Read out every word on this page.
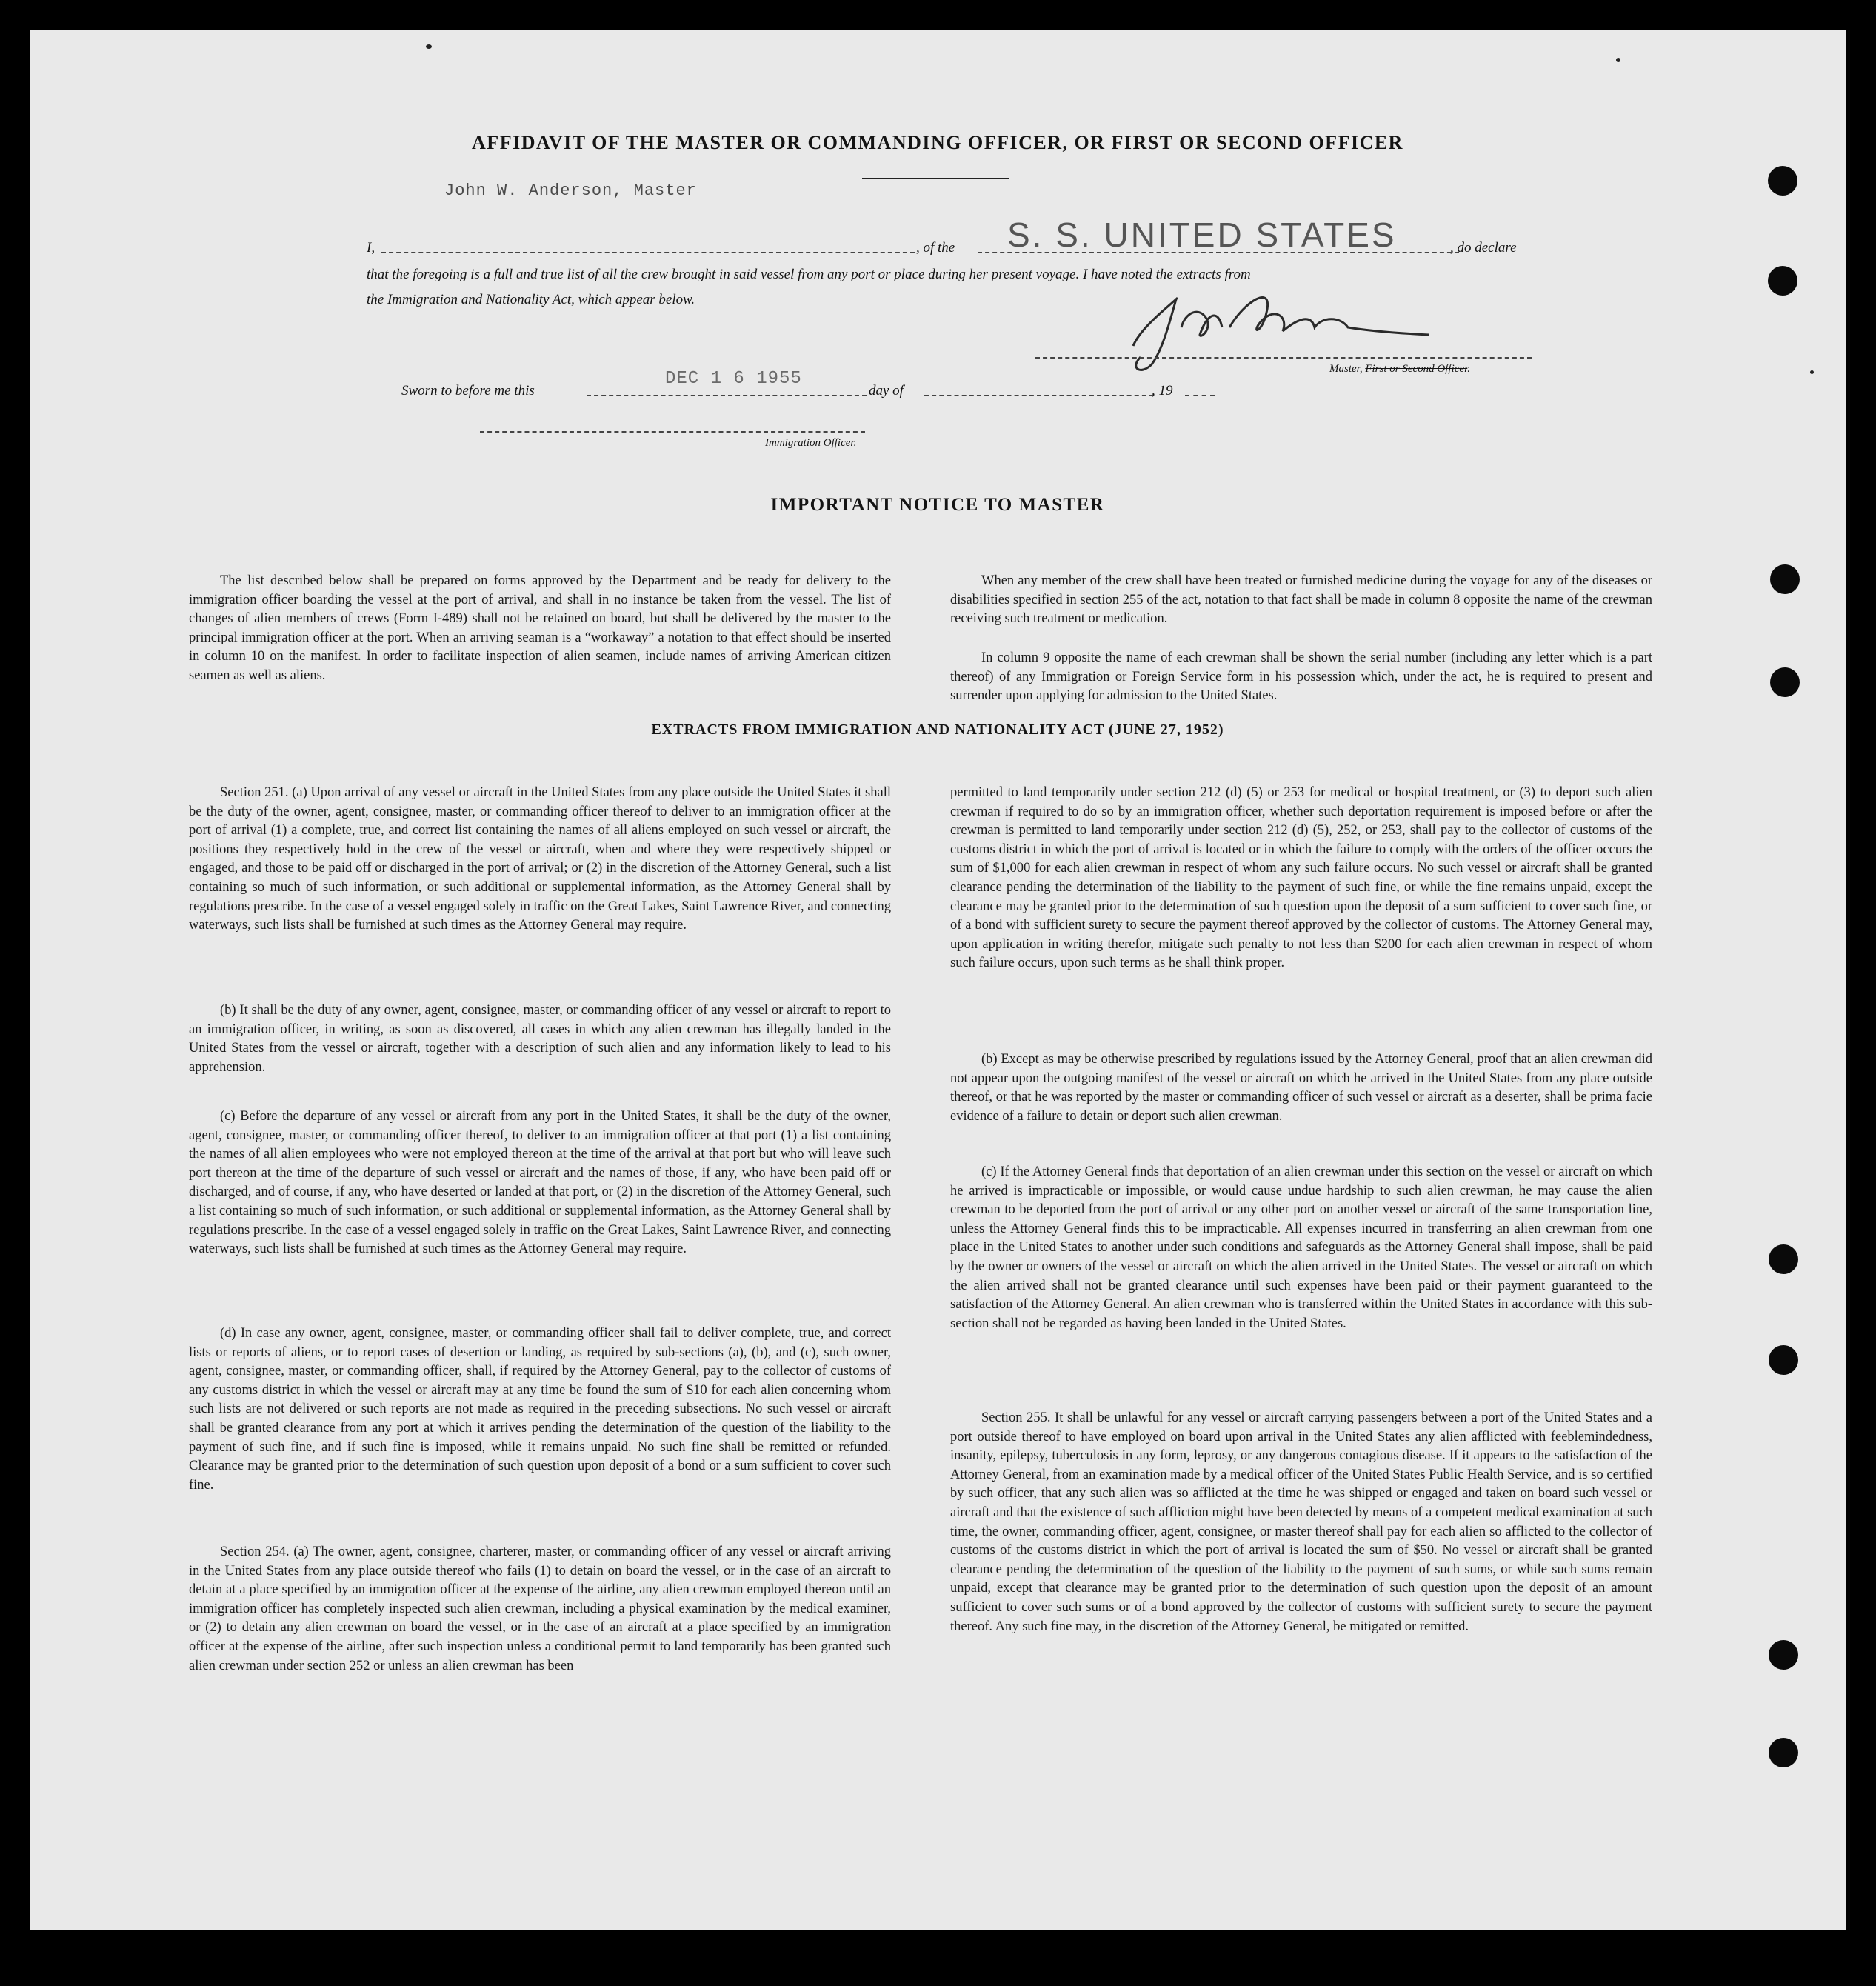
AFFIDAVIT OF THE MASTER OR COMMANDING OFFICER, OR FIRST OR SECOND OFFICER
John W. Anderson, Master
I,	, of the S. S. UNITED STATES	, do declare
that the foregoing is a full and true list of all the crew brought in said vessel from any port or place during her present voyage. I have noted the extracts from
the Immigration and Nationality Act, which appear below.
Master, First or Second Officer.
Sworn to before me this
DEC 1 6 1955
day of	, 19
Immigration Officer.
IMPORTANT NOTICE TO MASTER

The list described below shall be prepared on forms approved by the Department and be ready for delivery to the immigration officer boarding the vessel at the port of arrival, and shall in no instance be taken from the vessel. The list of changes of alien members of crews (Form I-489) shall not be retained on board, but shall be delivered by the master to the principal immigration officer at the port. When an arriving seaman is a “workaway” a notation to that effect should be inserted in column 10 on the manifest. In order to facilitate inspection of alien seamen, include names of arriving American citizen seamen as well as aliens.

When any member of the crew shall have been treated or furnished medicine during the voyage for any of the diseases or disabilities specified in section 255 of the act, notation to that fact shall be made in column 8 opposite the name of the crewman receiving such treatment or medication.

In column 9 opposite the name of each crewman shall be shown the serial number (including any letter which is a part thereof) of any Immigration or Foreign Service form in his possession which, under the act, he is required to present and surrender upon applying for admission to the United States.

EXTRACTS FROM IMMIGRATION AND NATIONALITY ACT (JUNE 27, 1952)

Section 251. (a) Upon arrival of any vessel or aircraft in the United States from any place outside the United States it shall be the duty of the owner, agent, consignee, master, or commanding officer thereof to deliver to an immigration officer at the port of arrival (1) a complete, true, and correct list containing the names of all aliens employed on such vessel or aircraft, the positions they respectively hold in the crew of the vessel or aircraft, when and where they were respectively shipped or engaged, and those to be paid off or discharged in the port of arrival; or (2) in the discretion of the Attorney General, such a list containing so much of such information, or such additional or supplemental information, as the Attorney General shall by regulations prescribe. In the case of a vessel engaged solely in traffic on the Great Lakes, Saint Lawrence River, and connecting waterways, such lists shall be furnished at such times as the Attorney General may require.

(b) It shall be the duty of any owner, agent, consignee, master, or commanding officer of any vessel or aircraft to report to an immigration officer, in writing, as soon as discovered, all cases in which any alien crewman has illegally landed in the United States from the vessel or aircraft, together with a description of such alien and any information likely to lead to his apprehension.

(c) Before the departure of any vessel or aircraft from any port in the United States, it shall be the duty of the owner, agent, consignee, master, or commanding officer thereof, to deliver to an immigration officer at that port (1) a list containing the names of all alien employees who were not employed thereon at the time of the arrival at that port but who will leave such port thereon at the time of the departure of such vessel or aircraft and the names of those, if any, who have been paid off or discharged, and of course, if any, who have deserted or landed at that port, or (2) in the discretion of the Attorney General, such a list containing so much of such information, or such additional or supplemental information, as the Attorney General shall by regulations prescribe. In the case of a vessel engaged solely in traffic on the Great Lakes, Saint Lawrence River, and connecting waterways, such lists shall be furnished at such times as the Attorney General may require.

(d) In case any owner, agent, consignee, master, or commanding officer shall fail to deliver complete, true, and correct lists or reports of aliens, or to report cases of desertion or landing, as required by sub-sections (a), (b), and (c), such owner, agent, consignee, master, or commanding officer, shall, if required by the Attorney General, pay to the collector of customs of any customs district in which the vessel or aircraft may at any time be found the sum of $10 for each alien concerning whom such lists are not delivered or such reports are not made as required in the preceding subsections. No such vessel or aircraft shall be granted clearance from any port at which it arrives pending the determination of the question of the liability to the payment of such fine, and if such fine is imposed, while it remains unpaid. No such fine shall be remitted or refunded. Clearance may be granted prior to the determination of such question upon deposit of a bond or a sum sufficient to cover such fine.

Section 254. (a) The owner, agent, consignee, charterer, master, or commanding officer of any vessel or aircraft arriving in the United States from any place outside thereof who fails (1) to detain on board the vessel, or in the case of an aircraft to detain at a place specified by an immigration officer at the expense of the airline, any alien crewman employed thereon until an immigration officer has completely inspected such alien crewman, including a physical examination by the medical examiner, or (2) to detain any alien crewman on board the vessel, or in the case of an aircraft at a place specified by an immigration officer at the expense of the airline, after such inspection unless a conditional permit to land temporarily has been granted such alien crewman under section 252 or unless an alien crewman has been

permitted to land temporarily under section 212 (d) (5) or 253 for medical or hospital treatment, or (3) to deport such alien crewman if required to do so by an immigration officer, whether such deportation requirement is imposed before or after the crewman is permitted to land temporarily under section 212 (d) (5), 252, or 253, shall pay to the collector of customs of the customs district in which the port of arrival is located or in which the failure to comply with the orders of the officer occurs the sum of $1,000 for each alien crewman in respect of whom any such failure occurs. No such vessel or aircraft shall be granted clearance pending the determination of the liability to the payment of such fine, or while the fine remains unpaid, except the clearance may be granted prior to the determination of such question upon the deposit of a sum sufficient to cover such fine, or of a bond with sufficient surety to secure the payment thereof approved by the collector of customs. The Attorney General may, upon application in writing therefor, mitigate such penalty to not less than $200 for each alien crewman in respect of whom such failure occurs, upon such terms as he shall think proper.

(b) Except as may be otherwise prescribed by regulations issued by the Attorney General, proof that an alien crewman did not appear upon the outgoing manifest of the vessel or aircraft on which he arrived in the United States from any place outside thereof, or that he was reported by the master or commanding officer of such vessel or aircraft as a deserter, shall be prima facie evidence of a failure to detain or deport such alien crewman.

(c) If the Attorney General finds that deportation of an alien crewman under this section on the vessel or aircraft on which he arrived is impracticable or impossible, or would cause undue hardship to such alien crewman, he may cause the alien crewman to be deported from the port of arrival or any other port on another vessel or aircraft of the same transportation line, unless the Attorney General finds this to be impracticable. All expenses incurred in transferring an alien crewman from one place in the United States to another under such conditions and safeguards as the Attorney General shall impose, shall be paid by the owner or owners of the vessel or aircraft on which the alien arrived in the United States. The vessel or aircraft on which the alien arrived shall not be granted clearance until such expenses have been paid or their payment guaranteed to the satisfaction of the Attorney General. An alien crewman who is transferred within the United States in accordance with this sub-section shall not be regarded as having been landed in the United States.

Section 255. It shall be unlawful for any vessel or aircraft carrying passengers between a port of the United States and a port outside thereof to have employed on board upon arrival in the United States any alien afflicted with feeblemindedness, insanity, epilepsy, tuberculosis in any form, leprosy, or any dangerous contagious disease. If it appears to the satisfaction of the Attorney General, from an examination made by a medical officer of the United States Public Health Service, and is so certified by such officer, that any such alien was so afflicted at the time he was shipped or engaged and taken on board such vessel or aircraft and that the existence of such affliction might have been detected by means of a competent medical examination at such time, the owner, commanding officer, agent, consignee, or master thereof shall pay for each alien so afflicted to the collector of customs of the customs district in which the port of arrival is located the sum of $50. No vessel or aircraft shall be granted clearance pending the determination of the question of the liability to the payment of such sums, or while such sums remain unpaid, except that clearance may be granted prior to the determination of such question upon the deposit of an amount sufficient to cover such sums or of a bond approved by the collector of customs with sufficient surety to secure the payment thereof. Any such fine may, in the discretion of the Attorney General, be mitigated or remitted.
